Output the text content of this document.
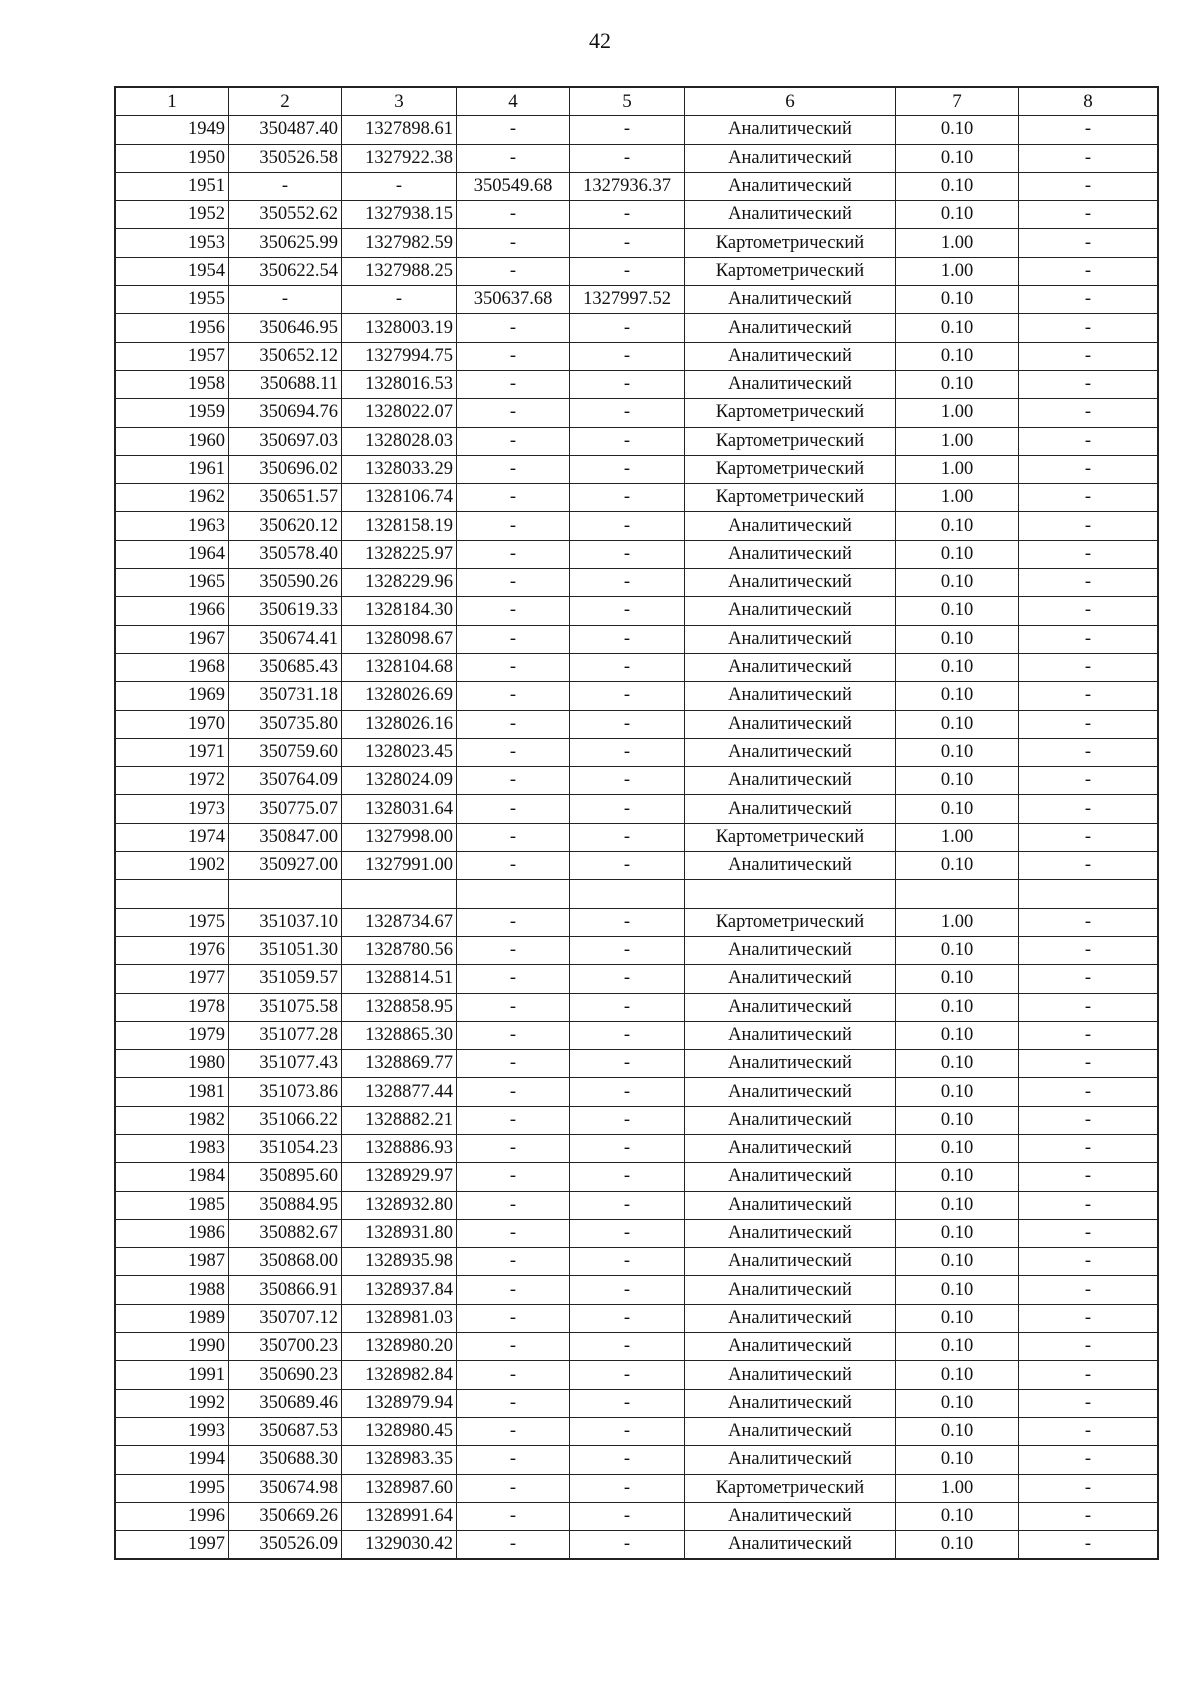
42
1	2	3	4	5	6	7	8
1949	350487.40	1327898.61	-	-	Аналитический	0.10	-
1950	350526.58	1327922.38	-	-	Аналитический	0.10	-
1951	-	-	350549.68	1327936.37	Аналитический	0.10	-
1952	350552.62	1327938.15	-	-	Аналитический	0.10	-
1953	350625.99	1327982.59	-	-	Картометрический	1.00	-
1954	350622.54	1327988.25	-	-	Картометрический	1.00	-
1955	-	-	350637.68	1327997.52	Аналитический	0.10	-
1956	350646.95	1328003.19	-	-	Аналитический	0.10	-
1957	350652.12	1327994.75	-	-	Аналитический	0.10	-
1958	350688.11	1328016.53	-	-	Аналитический	0.10	-
1959	350694.76	1328022.07	-	-	Картометрический	1.00	-
1960	350697.03	1328028.03	-	-	Картометрический	1.00	-
1961	350696.02	1328033.29	-	-	Картометрический	1.00	-
1962	350651.57	1328106.74	-	-	Картометрический	1.00	-
1963	350620.12	1328158.19	-	-	Аналитический	0.10	-
1964	350578.40	1328225.97	-	-	Аналитический	0.10	-
1965	350590.26	1328229.96	-	-	Аналитический	0.10	-
1966	350619.33	1328184.30	-	-	Аналитический	0.10	-
1967	350674.41	1328098.67	-	-	Аналитический	0.10	-
1968	350685.43	1328104.68	-	-	Аналитический	0.10	-
1969	350731.18	1328026.69	-	-	Аналитический	0.10	-
1970	350735.80	1328026.16	-	-	Аналитический	0.10	-
1971	350759.60	1328023.45	-	-	Аналитический	0.10	-
1972	350764.09	1328024.09	-	-	Аналитический	0.10	-
1973	350775.07	1328031.64	-	-	Аналитический	0.10	-
1974	350847.00	1327998.00	-	-	Картометрический	1.00	-
1902	350927.00	1327991.00	-	-	Аналитический	0.10	-

1975	351037.10	1328734.67	-	-	Картометрический	1.00	-
1976	351051.30	1328780.56	-	-	Аналитический	0.10	-
1977	351059.57	1328814.51	-	-	Аналитический	0.10	-
1978	351075.58	1328858.95	-	-	Аналитический	0.10	-
1979	351077.28	1328865.30	-	-	Аналитический	0.10	-
1980	351077.43	1328869.77	-	-	Аналитический	0.10	-
1981	351073.86	1328877.44	-	-	Аналитический	0.10	-
1982	351066.22	1328882.21	-	-	Аналитический	0.10	-
1983	351054.23	1328886.93	-	-	Аналитический	0.10	-
1984	350895.60	1328929.97	-	-	Аналитический	0.10	-
1985	350884.95	1328932.80	-	-	Аналитический	0.10	-
1986	350882.67	1328931.80	-	-	Аналитический	0.10	-
1987	350868.00	1328935.98	-	-	Аналитический	0.10	-
1988	350866.91	1328937.84	-	-	Аналитический	0.10	-
1989	350707.12	1328981.03	-	-	Аналитический	0.10	-
1990	350700.23	1328980.20	-	-	Аналитический	0.10	-
1991	350690.23	1328982.84	-	-	Аналитический	0.10	-
1992	350689.46	1328979.94	-	-	Аналитический	0.10	-
1993	350687.53	1328980.45	-	-	Аналитический	0.10	-
1994	350688.30	1328983.35	-	-	Аналитический	0.10	-
1995	350674.98	1328987.60	-	-	Картометрический	1.00	-
1996	350669.26	1328991.64	-	-	Аналитический	0.10	-
1997	350526.09	1329030.42	-	-	Аналитический	0.10	-
